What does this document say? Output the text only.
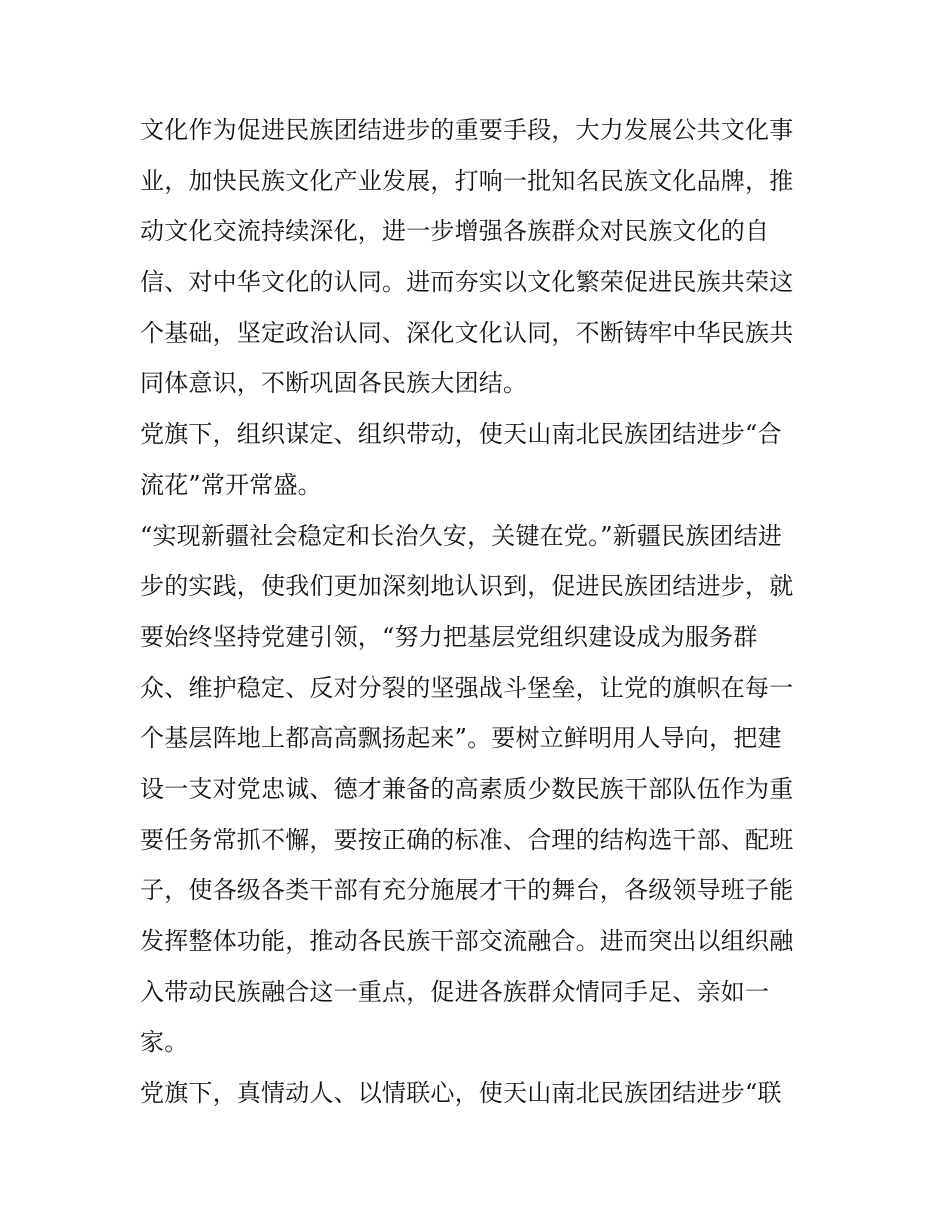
文化作为促进民族团结进步的重要手段，大力发展公共文化事
业，加快民族文化产业发展，打响一批知名民族文化品牌，推
动文化交流持续深化，进一步增强各族群众对民族文化的自
信、对中华文化的认同。进而夯实以文化繁荣促进民族共荣这
个基础，坚定政治认同、深化文化认同，不断铸牢中华民族共
同体意识，不断巩固各民族大团结。
党旗下，组织谋定、组织带动，使天山南北民族团结进步“合
流花”常开常盛。
“实现新疆社会稳定和长治久安，关键在党。”新疆民族团结进
步的实践，使我们更加深刻地认识到，促进民族团结进步，就
要始终坚持党建引领，“努力把基层党组织建设成为服务群
众、维护稳定、反对分裂的坚强战斗堡垒，让党的旗帜在每一
个基层阵地上都高高飘扬起来”。要树立鲜明用人导向，把建
设一支对党忠诚、德才兼备的高素质少数民族干部队伍作为重
要任务常抓不懈，要按正确的标准、合理的结构选干部、配班
子，使各级各类干部有充分施展才干的舞台，各级领导班子能
发挥整体功能，推动各民族干部交流融合。进而突出以组织融
入带动民族融合这一重点，促进各族群众情同手足、亲如一
家。
党旗下，真情动人、以情联心，使天山南北民族团结进步“联
